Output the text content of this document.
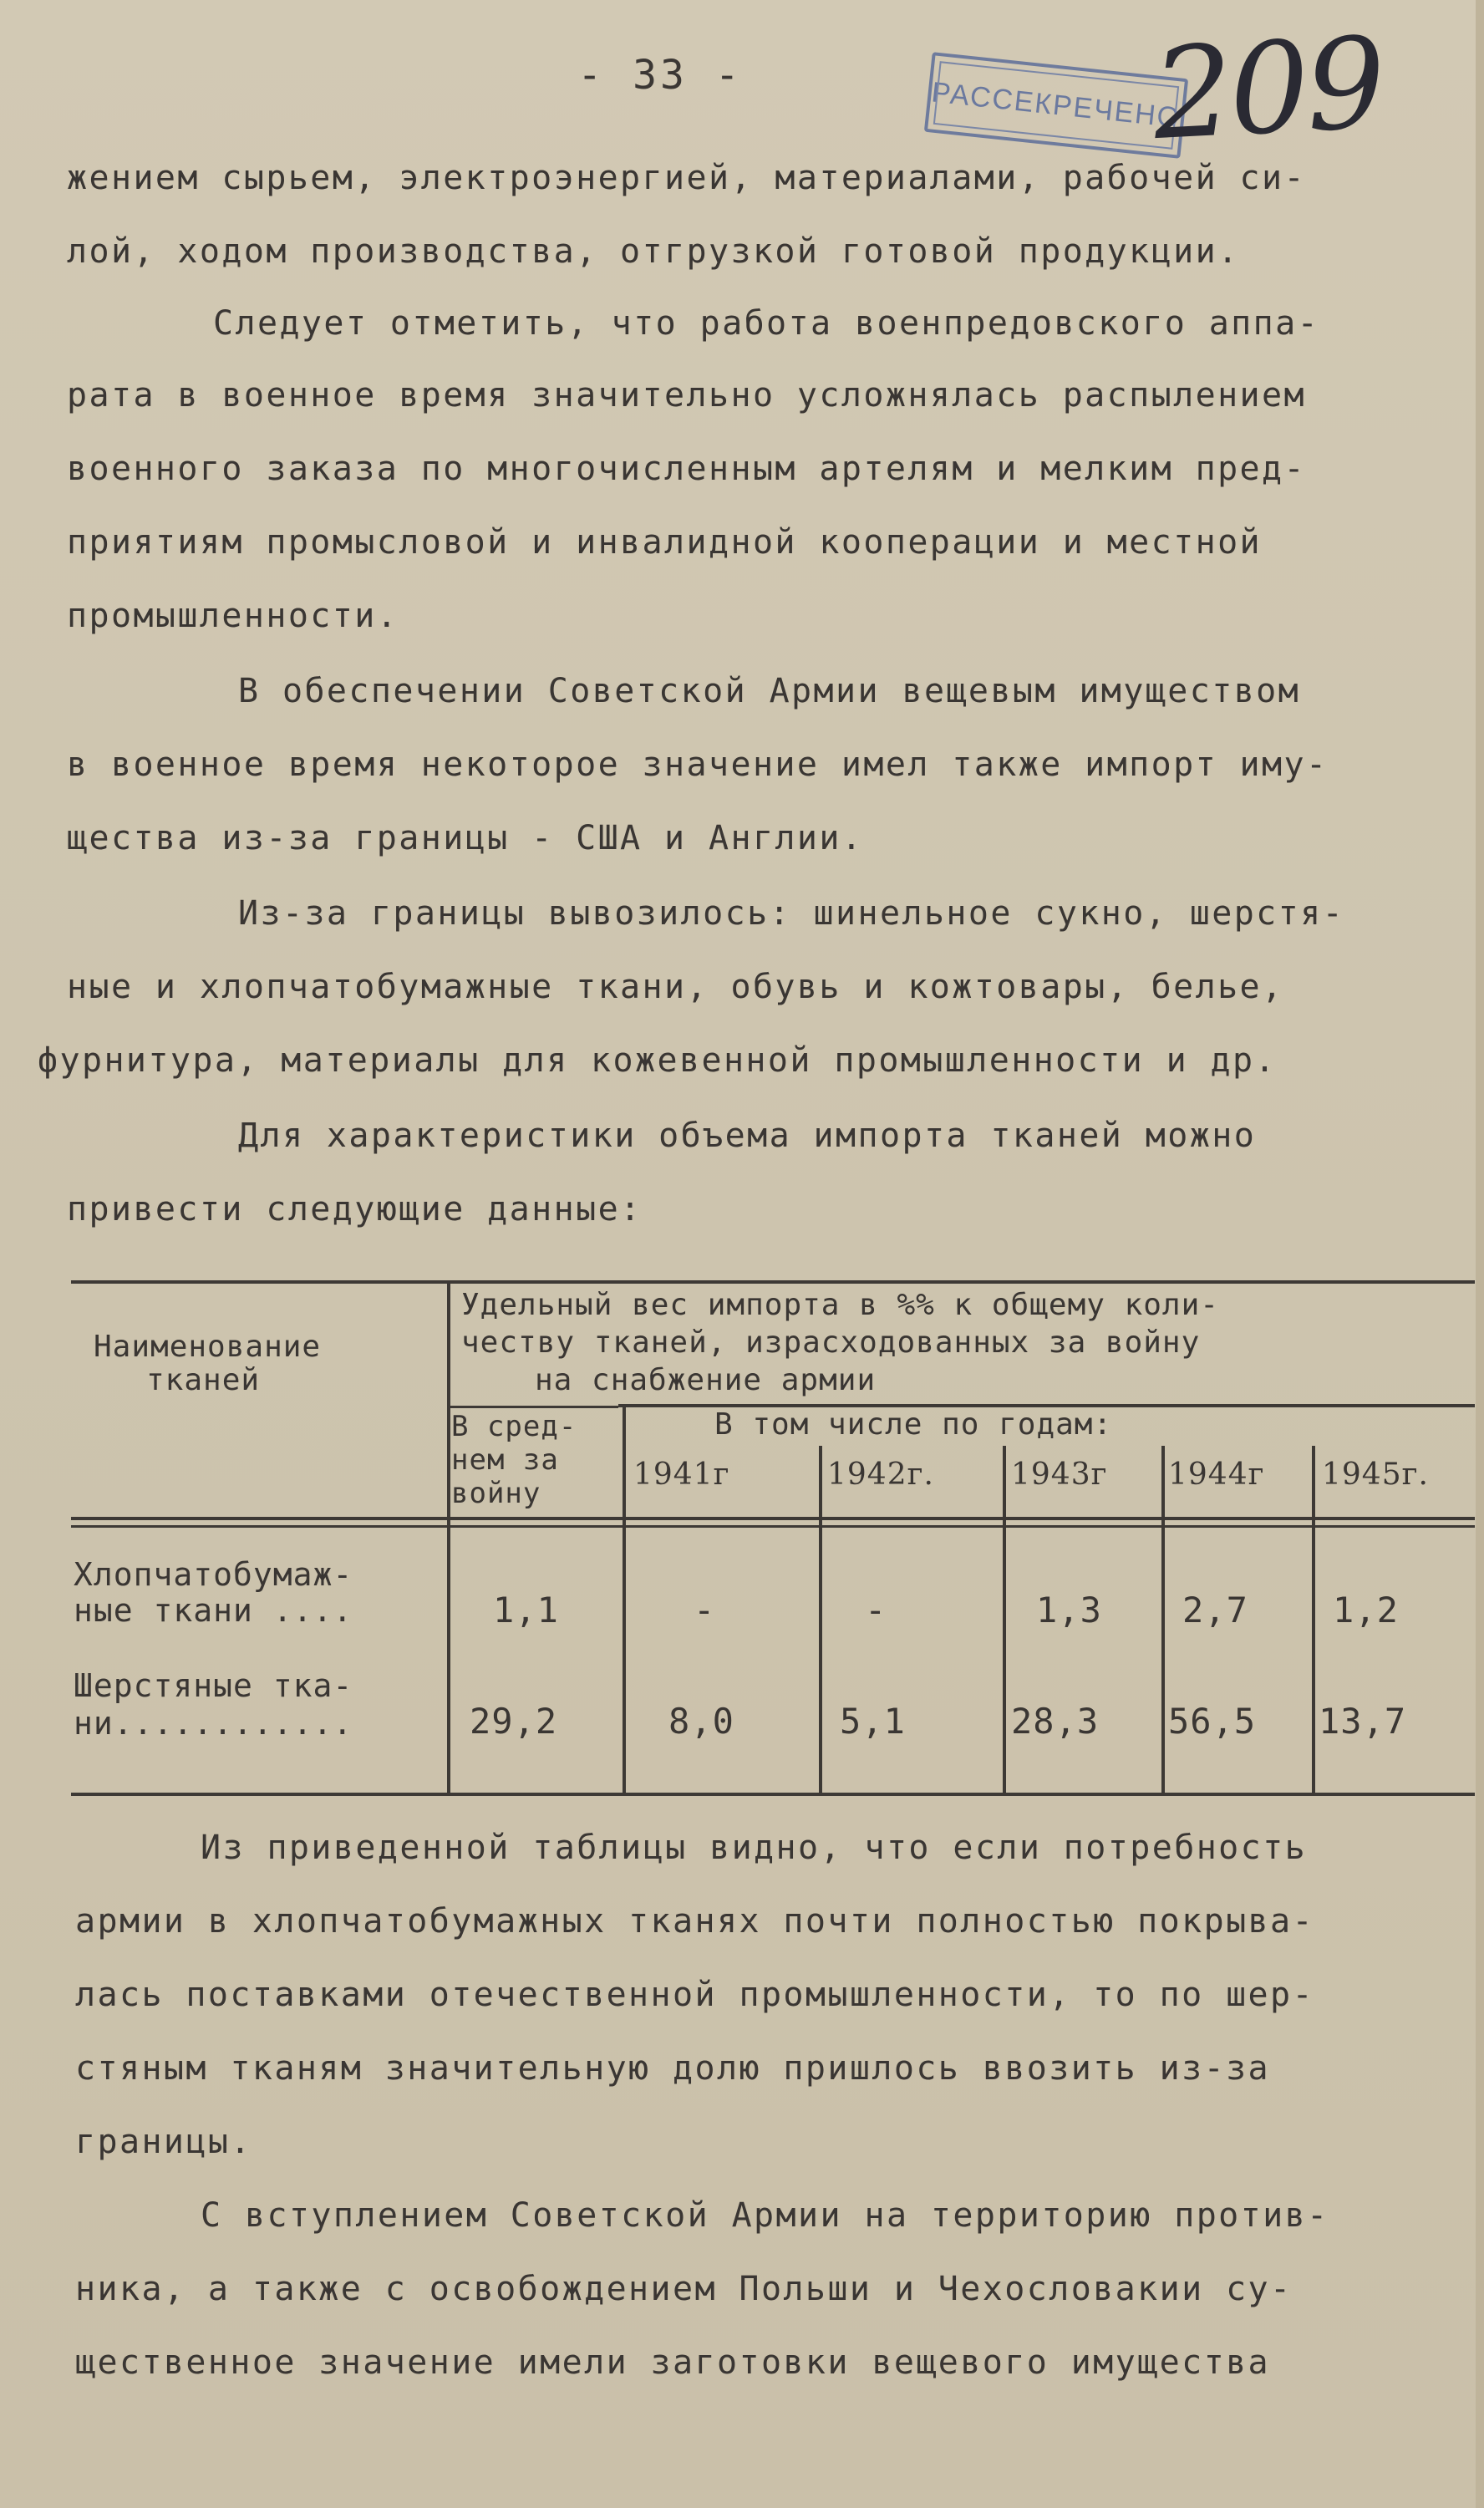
- 33 -
РАССЕКРЕЧЕНО
209
жением сырьем, электроэнергией, материалами, рабочей си-
лой, ходом производства, отгрузкой готовой продукции.
Следует отметить, что работа военпредовского аппа-
рата в военное время значительно усложнялась распылением
военного заказа по многочисленным артелям и мелким пред-
приятиям промысловой и инвалидной кооперации и местной
промышленности.
В обеспечении Советской Армии вещевым имуществом
в военное время некоторое значение имел также импорт иму-
щества из-за границы - США и Англии.
Из-за границы вывозилось: шинельное сукно, шерстя-
ные и хлопчатобумажные ткани, обувь и кожтовары, белье,
фурнитура, материалы для кожевенной промышленности и др.
Для характеристики объема импорта тканей можно
привести следующие данные:
Наименование
тканей
Удельный вес импорта в %% к общему коли-
честву тканей, израсходованных за войну
на снабжение армии
В сред-
нем за
войну
В том числе по годам:
1941г	1942г.	1943г 1944г 1945г.
Хлопчатобумаж-
ные ткани ....	1,1	-	-	1,3 2,7 1,2
Шерстяные тка-
ни............	29,2	8,0	5,1	28,3 56,5 13,7
Из приведенной таблицы видно, что если потребность
армии в хлопчатобумажных тканях почти полностью покрыва-
лась поставками отечественной промышленности, то по шер-
стяным тканям значительную долю пришлось ввозить из-за
границы.
С вступлением Советской Армии на территорию против-
ника, а также с освобождением Польши и Чехословакии су-
щественное значение имели заготовки вещевого имущества
